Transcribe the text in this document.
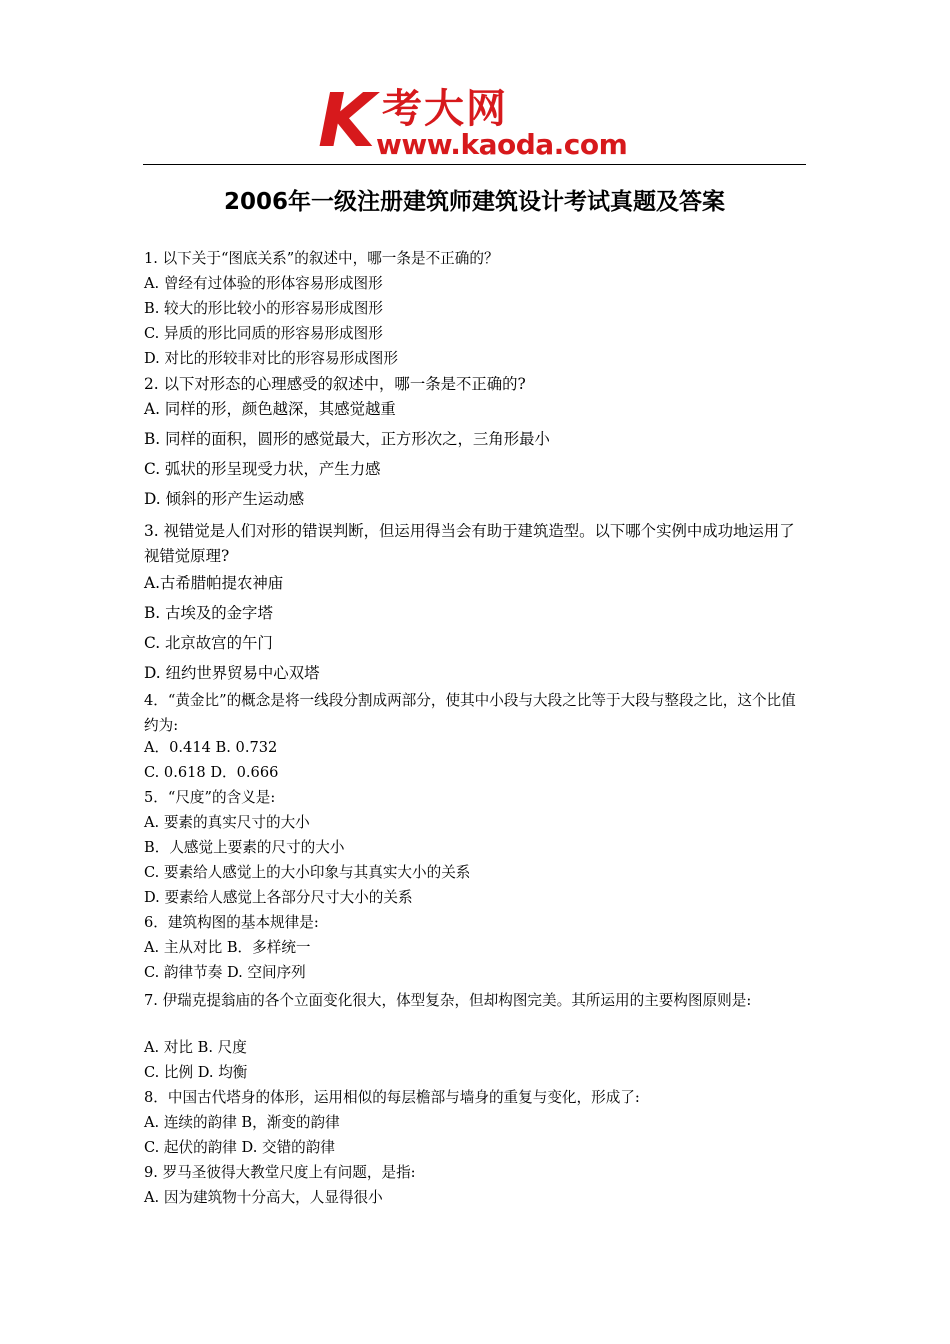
K 考大网
www.kaoda.com
2006年一级注册建筑师建筑设计考试真题及答案
1. 以下关于“图底关系”的叙述中，哪一条是不正确的？
A. 曾经有过体验的形体容易形成图形
B. 较大的形比较小的形容易形成图形
C. 异质的形比同质的形容易形成图形
D. 对比的形较非对比的形容易形成图形
2. 以下对形态的心理感受的叙述中，哪一条是不正确的?
A. 同样的形，颜色越深，其感觉越重
B. 同样的面积，圆形的感觉最大，正方形次之，三角形最小
C. 弧状的形呈现受力状，产生力感
D. 倾斜的形产生运动感
3. 视错觉是人们对形的错误判断，但运用得当会有助于建筑造型。以下哪个实例中成功地运用了视错觉原理?
A.古希腊帕提农神庙
B. 古埃及的金字塔
C. 北京故宫的午门
D. 纽约世界贸易中心双塔
4．“黄金比”的概念是将一线段分割成两部分，使其中小段与大段之比等于大段与整段之比，这个比值约为:
A．0.414 B. 0.732
C. 0.618 D．0.666
5．“尺度”的含义是:
A. 要素的真实尺寸的大小
B．人感觉上要素的尺寸的大小
C. 要素给人感觉上的大小印象与其真实大小的关系
D. 要素给人感觉上各部分尺寸大小的关系
6．建筑构图的基本规律是:
A. 主从对比 B．多样统一
C. 韵律节奏 D. 空间序列
7. 伊瑞克提翁庙的各个立面变化很大，体型复杂，但却构图完美。其所运用的主要构图原则是:
A. 对比 B. 尺度
C. 比例 D. 均衡
8．中国古代塔身的体形，运用相似的每层檐部与墙身的重复与变化，形成了:
A. 连续的韵律 B，渐变的韵律
C. 起伏的韵律 D. 交错的韵律
9. 罗马圣彼得大教堂尺度上有问题，是指:
A. 因为建筑物十分高大，人显得很小
